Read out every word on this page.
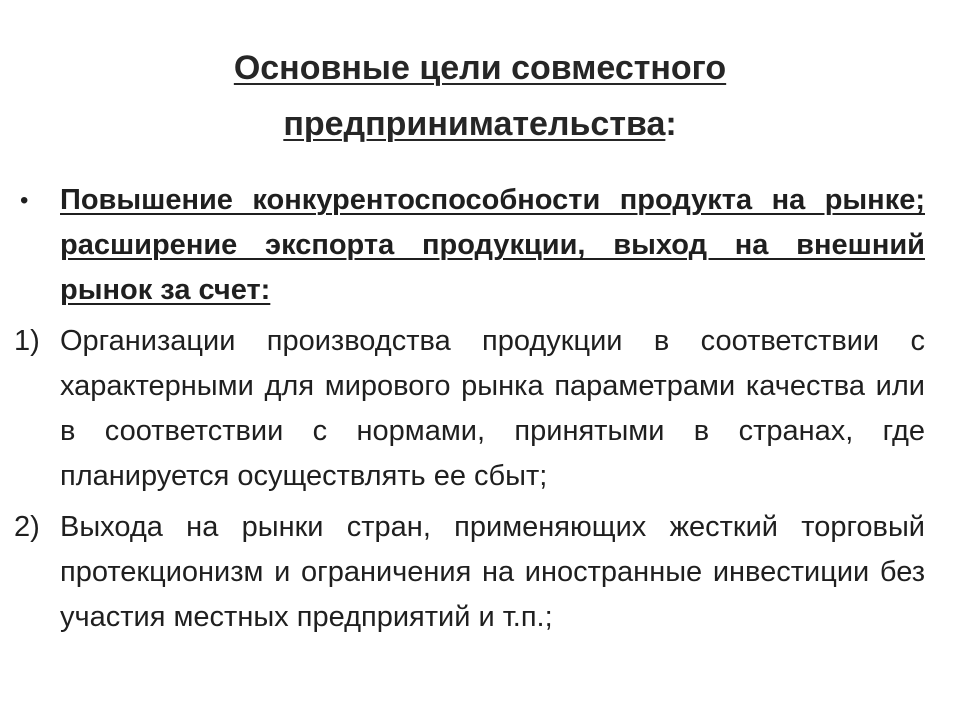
Основные цели совместного предпринимательства:
•	Повышение конкурентоспособности продукта на рынке; расширение экспорта продукции, выход на внешний рынок за счет:
1) Организации производства продукции в соответствии с характерными для мирового рынка параметрами качества или в соответствии с нормами, принятыми в странах, где планируется осуществлять ее сбыт;
2) Выхода на рынки стран, применяющих жесткий торговый протекционизм и ограничения на иностранные инвестиции без участия местных предприятий и т.п.;
